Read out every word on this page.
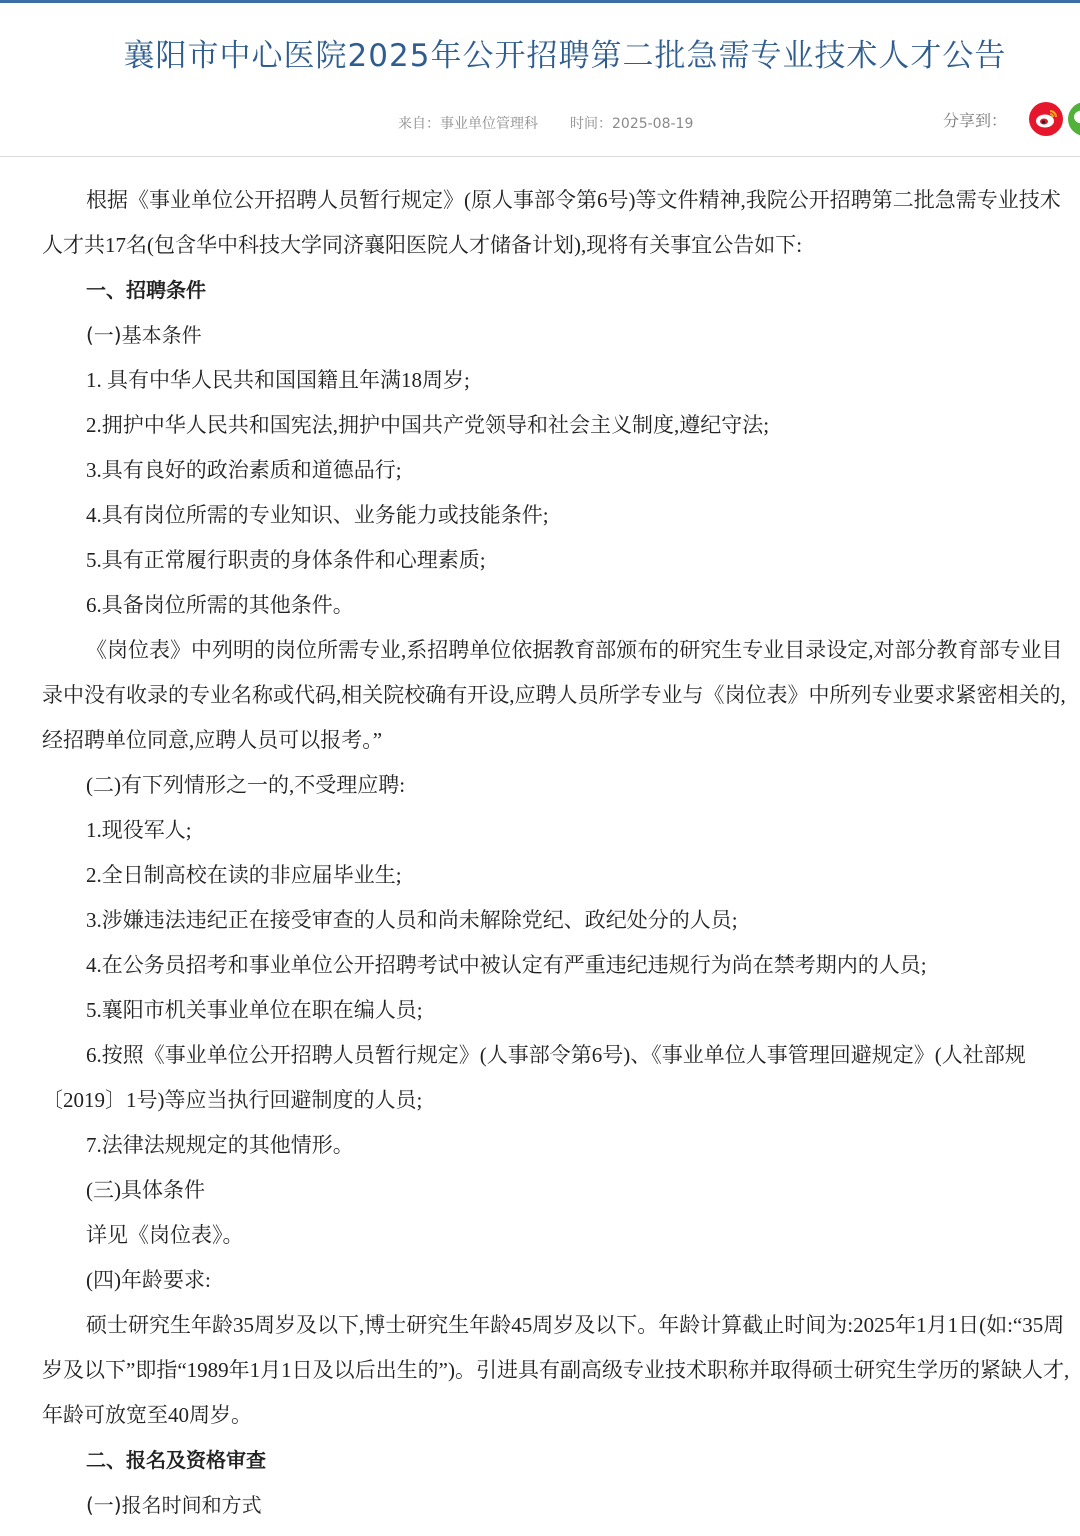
襄阳市中心医院2025年公开招聘第二批急需专业技术人才公告
来自：事业单位管理科 时间：2025-08-19	分享到：

根据《事业单位公开招聘人员暂行规定》(原人事部令第6号)等文件精神,我院公开招聘第二批急需专业技术人才共17名(包含华中科技大学同济襄阳医院人才储备计划),现将有关事宜公告如下:

一、招聘条件

(一)基本条件

1. 具有中华人民共和国国籍且年满18周岁;

2.拥护中华人民共和国宪法,拥护中国共产党领导和社会主义制度,遵纪守法;

3.具有良好的政治素质和道德品行;

4.具有岗位所需的专业知识、业务能力或技能条件;

5.具有正常履行职责的身体条件和心理素质;

6.具备岗位所需的其他条件。

《岗位表》中列明的岗位所需专业,系招聘单位依据教育部颁布的研究生专业目录设定,对部分教育部专业目录中没有收录的专业名称或代码,相关院校确有开设,应聘人员所学专业与《岗位表》中所列专业要求紧密相关的,经招聘单位同意,应聘人员可以报考。”

(二)有下列情形之一的,不受理应聘:

1.现役军人;

2.全日制高校在读的非应届毕业生;

3.涉嫌违法违纪正在接受审查的人员和尚未解除党纪、政纪处分的人员;

4.在公务员招考和事业单位公开招聘考试中被认定有严重违纪违规行为尚在禁考期内的人员;

5.襄阳市机关事业单位在职在编人员;

6.按照《事业单位公开招聘人员暂行规定》(人事部令第6号)、《事业单位人事管理回避规定》(人社部规〔2019〕1号)等应当执行回避制度的人员;

7.法律法规规定的其他情形。

(三)具体条件

详见《岗位表》。

(四)年龄要求:

硕士研究生年龄35周岁及以下,博士研究生年龄45周岁及以下。年龄计算截止时间为:2025年1月1日(如:“35周岁及以下”即指“1989年1月1日及以后出生的”)。引进具有副高级专业技术职称并取得硕士研究生学历的紧缺人才,年龄可放宽至40周岁。

二、报名及资格审查

(一)报名时间和方式
